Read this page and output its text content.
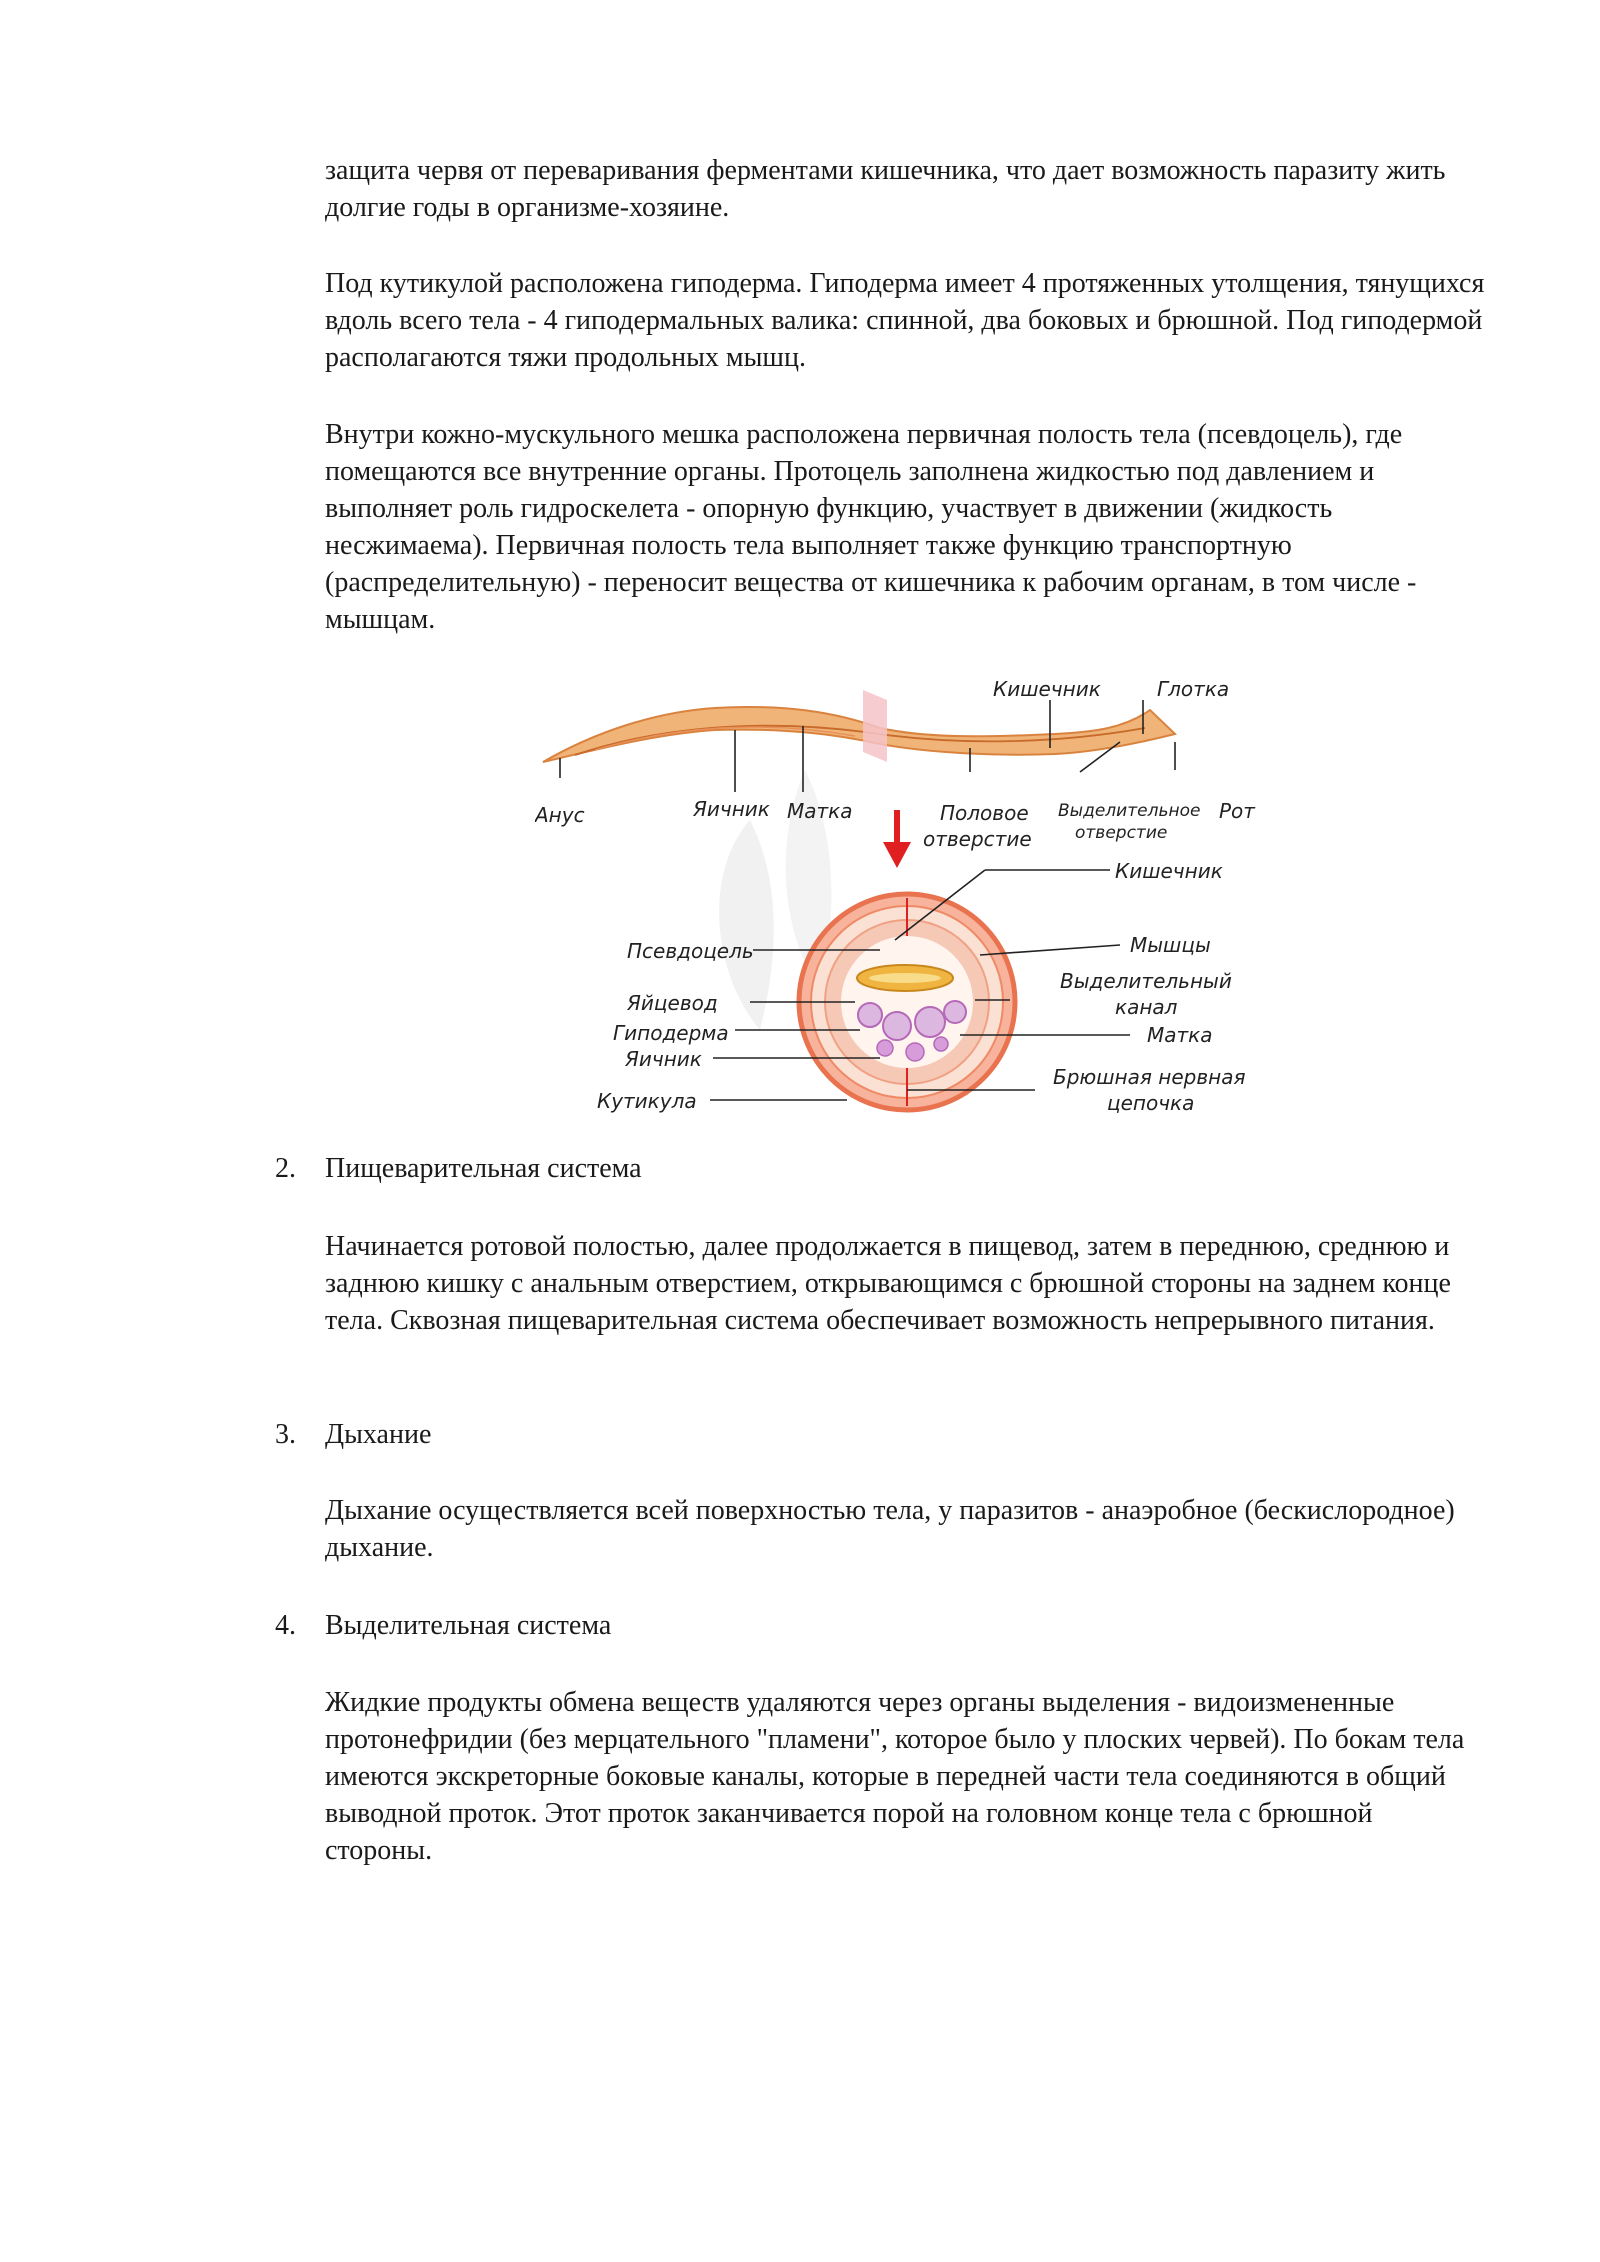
защита червя от переваривания ферментами кишечника, что дает возможность паразиту жить долгие годы в организме-хозяине.

Под кутикулой расположена гиподерма. Гиподерма имеет 4 протяженных утолщения, тянущихся вдоль всего тела - 4 гиподермальных валика: спинной, два боковых и брюшной. Под гиподермой располагаются тяжи продольных мышц.

Внутри кожно-мускульного мешка расположена первичная полость тела (псевдоцель), где помещаются все внутренние органы. Протоцель заполнена жидкостью под давлением и выполняет роль гидроскелета - опорную функцию, участвует в движении (жидкость несжимаема). Первичная полость тела выполняет также функцию транспортную (распределительную) - переносит вещества от кишечника к рабочим органам, в том числе - мышцам.

Кишечник	Глотка
Анус	Яичник Матка	Половое
отверстие
Выделительное
отверстие
Рот
Кишечник
Псевдоцель	Мышцы
Яйцевод
Выделительный
канал
Гиподерма	Матка
Яичник
Брюшная нервная
цепочка
Кутикула
2. Пищеварительная система

Начинается ротовой полостью, далее продолжается в пищевод, затем в переднюю, среднюю и заднюю кишку с анальным отверстием, открывающимся с брюшной стороны на заднем конце тела. Сквозная пищеварительная система обеспечивает возможность непрерывного питания.

3. Дыхание

Дыхание осуществляется всей поверхностью тела, у паразитов - анаэробное (бескислородное) дыхание.

4. Выделительная система

Жидкие продукты обмена веществ удаляются через органы выделения - видоизмененные протонефридии (без мерцательного "пламени", которое было у плоских червей). По бокам тела имеются экскреторные боковые каналы, которые в передней части тела соединяются в общий выводной проток. Этот проток заканчивается порой на головном конце тела с брюшной стороны.
